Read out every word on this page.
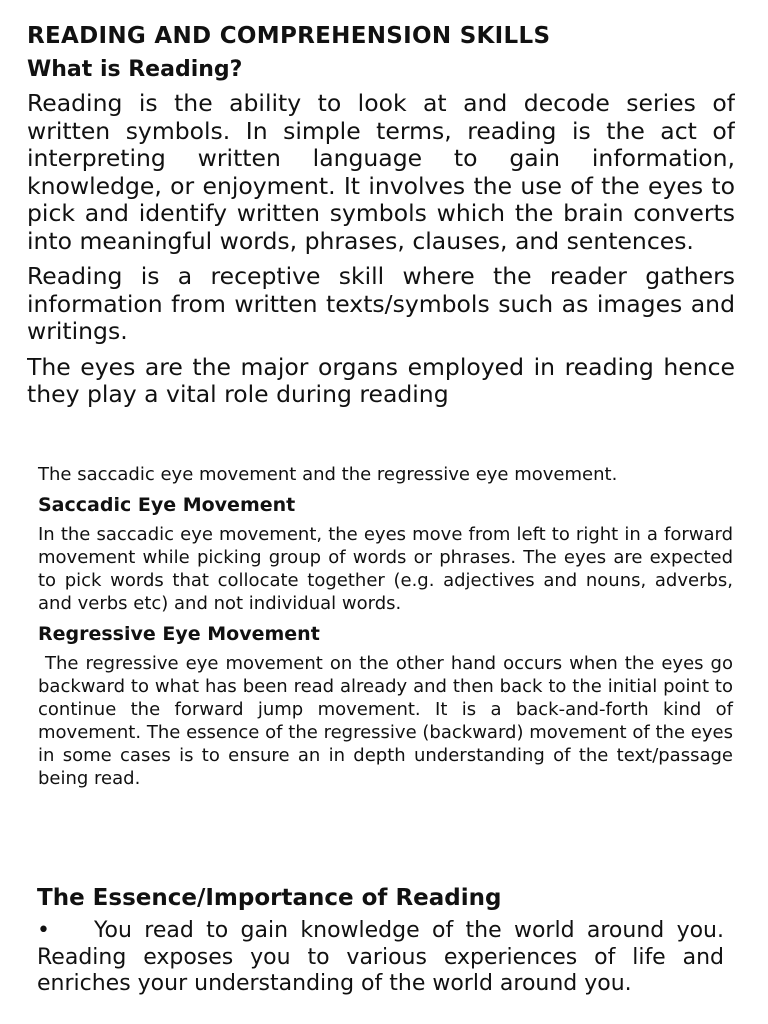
READING AND COMPREHENSION SKILLS
What is Reading?

Reading is the ability to look at and decode series of written symbols. In simple terms, reading is the act of interpreting written language to gain information, knowledge, or enjoyment. It involves the use of the eyes to pick and identify written symbols which the brain converts into meaningful words, phrases, clauses, and sentences.

Reading is a receptive skill where the reader gathers information from written texts/symbols such as images and writings.

The eyes are the major organs employed in reading hence they play a vital role during reading

The saccadic eye movement and the regressive eye movement.

Saccadic Eye Movement

In the saccadic eye movement, the eyes move from left to right in a forward movement while picking group of words or phrases. The eyes are expected to pick words that collocate together (e.g. adjectives and nouns, adverbs, and verbs etc) and not individual words.

Regressive Eye Movement

The regressive eye movement on the other hand occurs when the eyes go backward to what has been read already and then back to the initial point to continue the forward jump movement. It is a back-and-forth kind of movement. The essence of the regressive (backward) movement of the eyes in some cases is to ensure an in depth understanding of the text/passage being read.

The Essence/Importance of Reading

• You read to gain knowledge of the world around you. Reading exposes you to various experiences of life and enriches your understanding of the world around you.
